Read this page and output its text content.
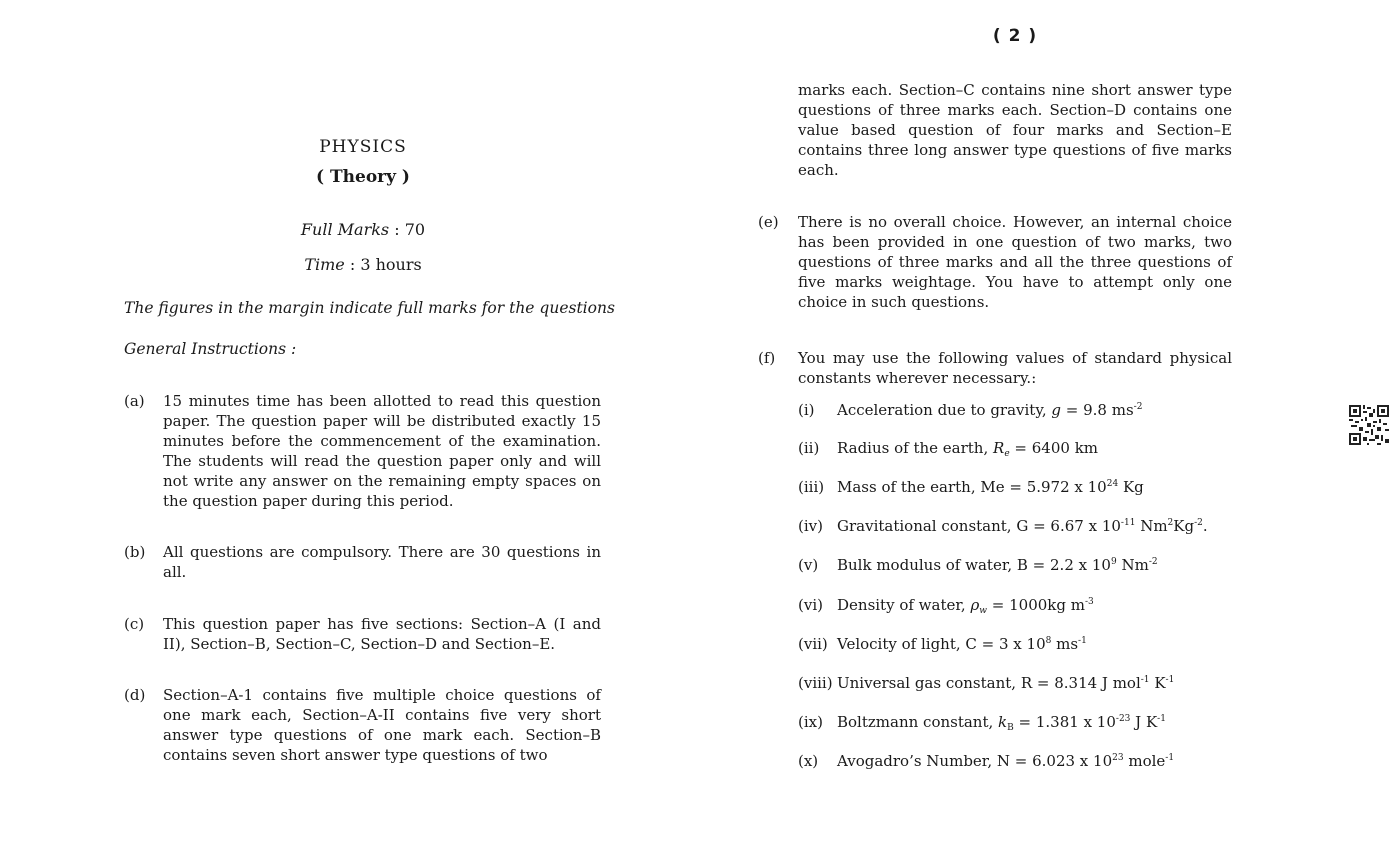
( 2 )
PHYSICS
( Theory )
Full Marks : 70
Time : 3 hours
The figures in the margin indicate full marks for the questions
General Instructions :
(a) 15 minutes time has been allotted to read this question paper. The question paper will be distributed exactly 15 minutes before the commencement of the examination. The students will read the question paper only and will not write any answer on the remaining empty spaces on the question paper during this period.
(b) All questions are compulsory. There are 30 questions in all.
(c) This question paper has five sections: Section–A (I and II), Section–B, Section–C, Section–D and Section–E.
(d) Section–A-1 contains five multiple choice questions of one mark each, Section–A-II contains five very short answer type questions of one mark each. Section–B contains seven short answer type questions of two
marks each. Section–C contains nine short answer type questions of three marks each. Section–D contains one value based question of four marks and Section–E contains three long answer type questions of five marks each.
(e) There is no overall choice. However, an internal choice has been provided in one question of two marks, two questions of three marks and all the three questions of five marks weightage. You have to attempt only one choice in such questions.
(f) You may use the following values of standard physical constants wherever necessary.:
(i) Acceleration due to gravity, g = 9.8 $ms^{-2}$
(ii) Radius of the earth, $R_e = 6400$ km
(iii) Mass of the earth, Me = 5.972 x $10^{24}$ Kg
(iv) Gravitational constant, G = 6.67 x $10^{-11}$ $Nm^2Kg^{-2}$.
(v) Bulk modulus of water, B = 2.2 x $10^9$ $Nm^{-2}$
(vi) Density of water, $\rho_w = 1000kg$ $m^{-3}$
(vii) Velocity of light, C = 3 x $10^8$ $ms^{-1}$
(viii) Universal gas constant, R = 8.314 J mol$^{-1}$ $K^{-1}$
(ix) Boltzmann constant, $k_B = 1.381$ x $10^{-23}$ J $K^{-1}$
(x) Avogadro’s Number, N = 6.023 x $10^{23}$ mole$^{-1}$
